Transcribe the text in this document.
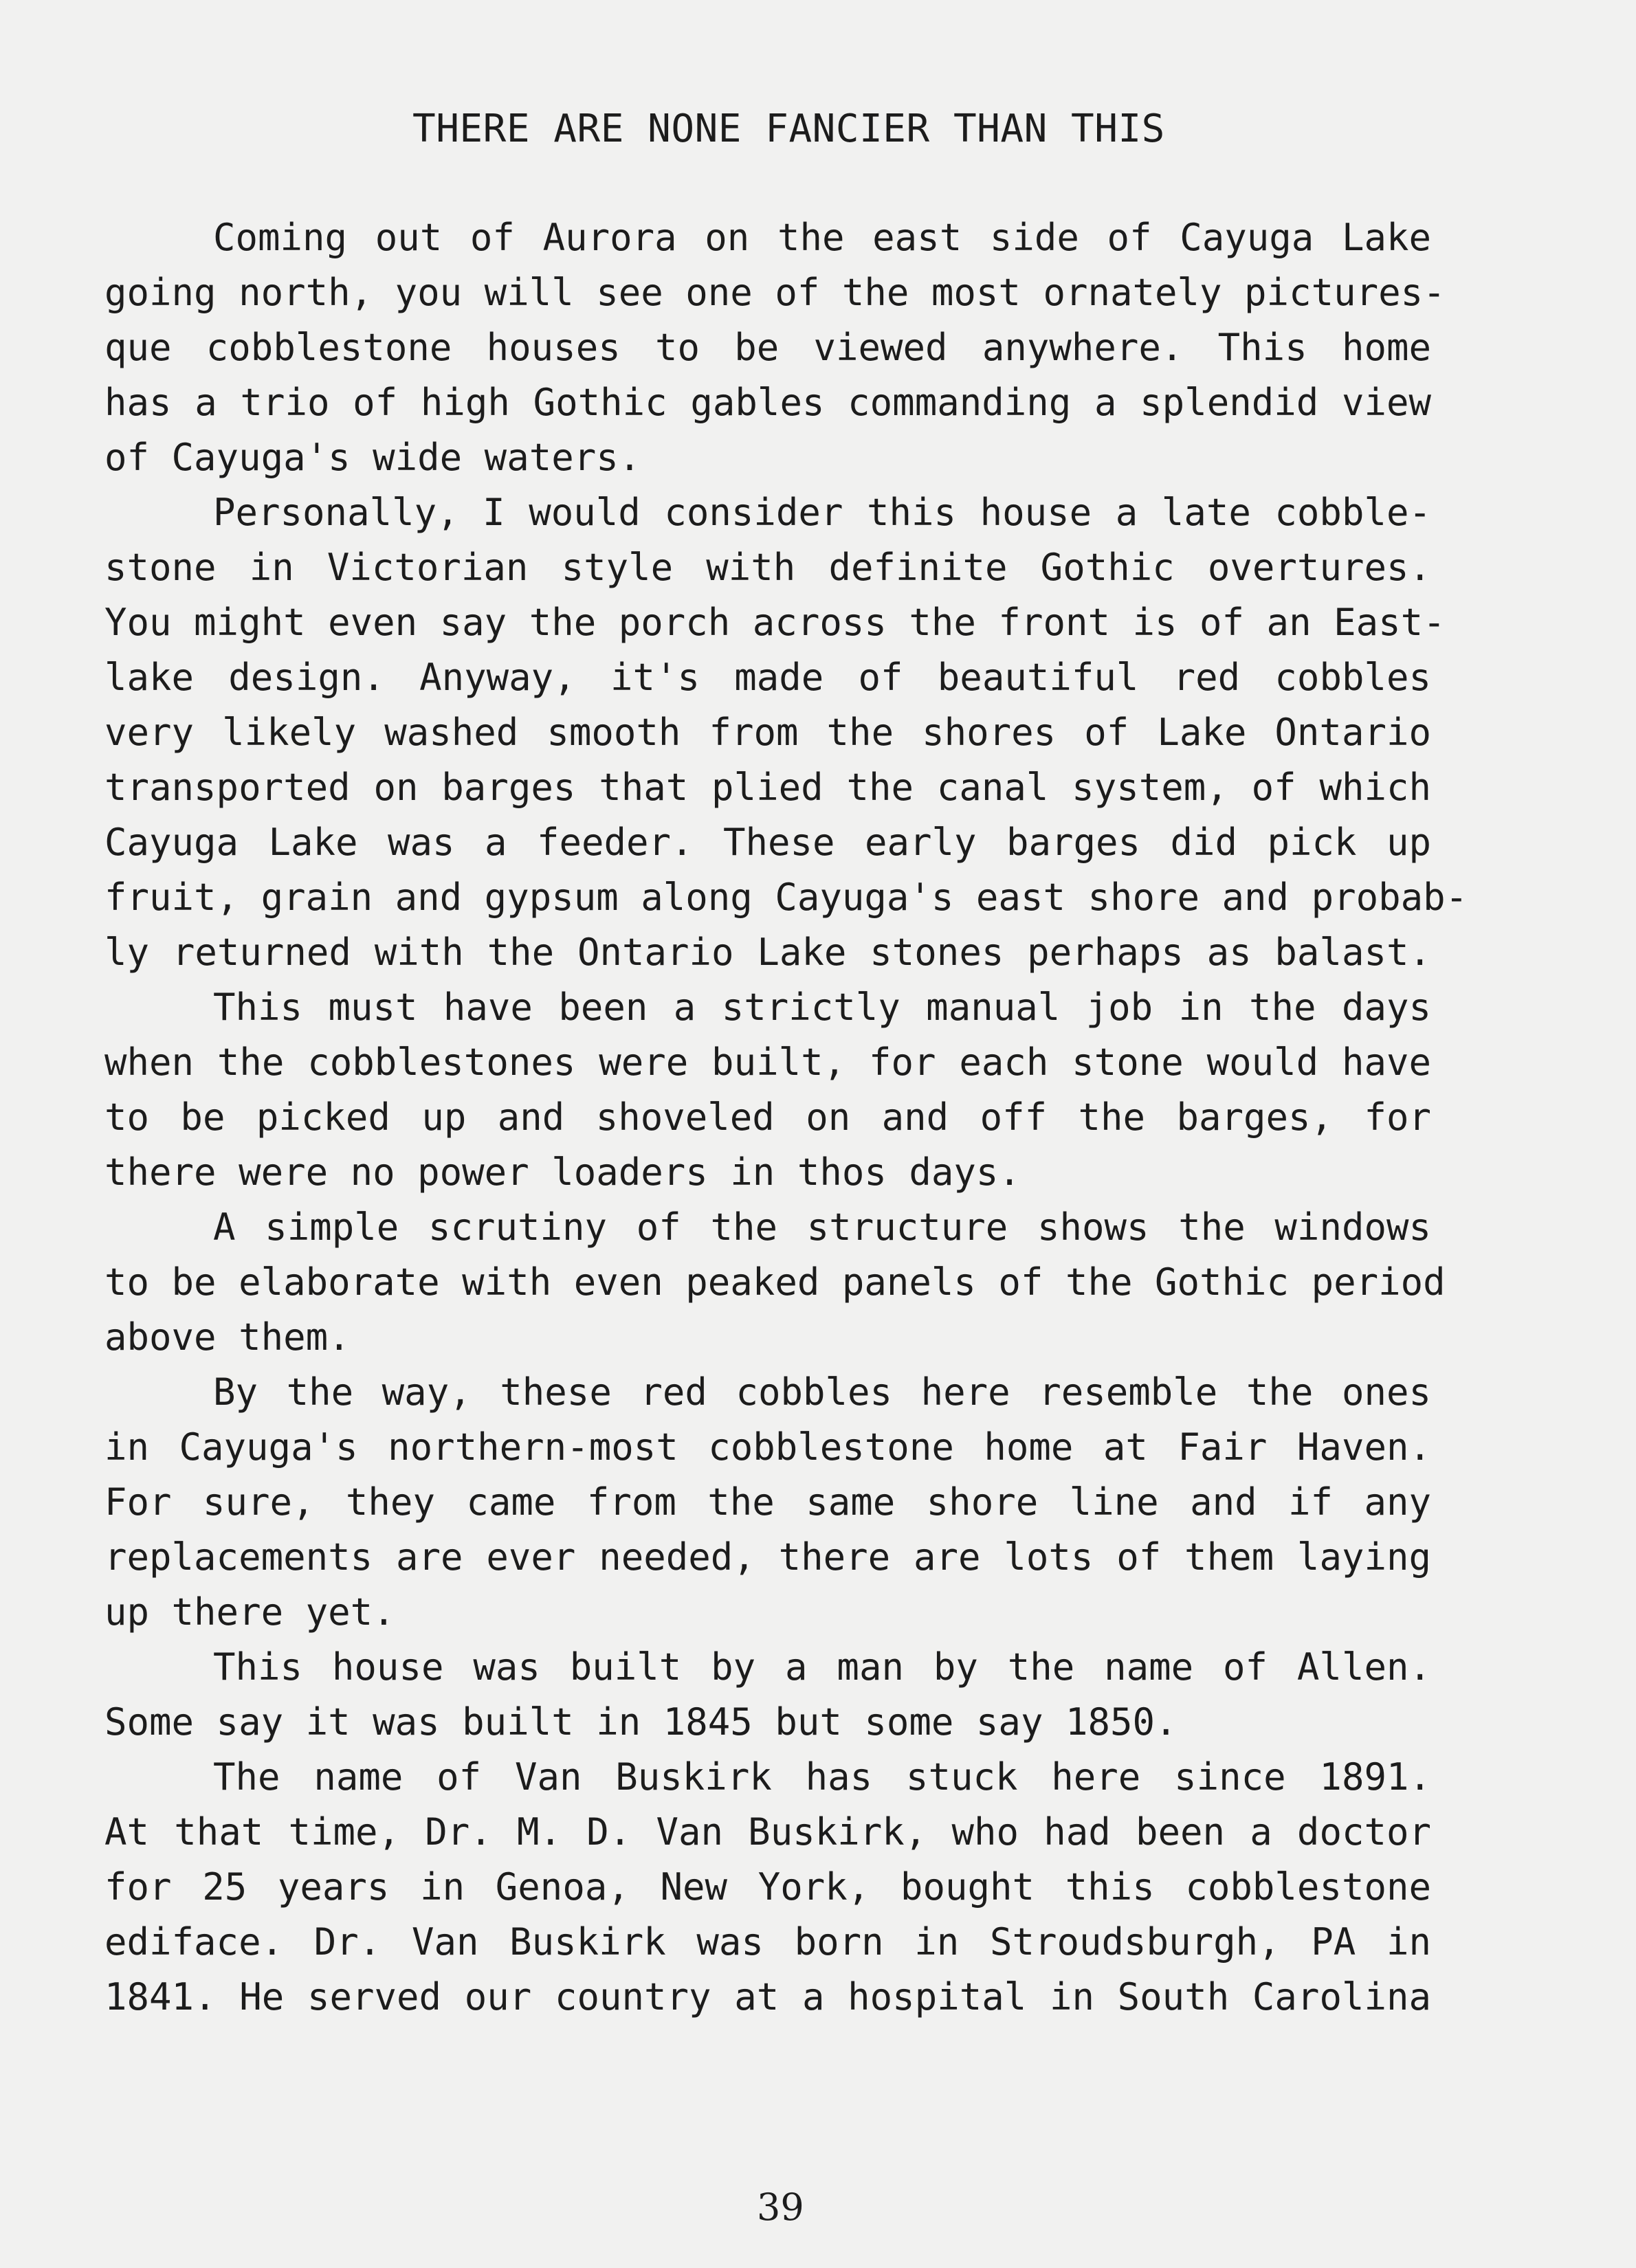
THERE ARE NONE FANCIER THAN THIS
Coming out of Aurora on the east side of Cayuga Lake
going north, you will see one of the most ornately pictures-
que cobblestone houses to be viewed anywhere. This home
has a trio of high Gothic gables commanding a splendid view
of Cayuga's wide waters.
Personally, I would consider this house a late cobble-
stone in Victorian style with definite Gothic overtures.
You might even say the porch across the front is of an East-
lake design. Anyway, it's made of beautiful red cobbles
very likely washed smooth from the shores of Lake Ontario
transported on barges that plied the canal system, of which
Cayuga Lake was a feeder. These early barges did pick up
fruit, grain and gypsum along Cayuga's east shore and probab-
ly returned with the Ontario Lake stones perhaps as balast.
This must have been a strictly manual job in the days
when the cobblestones were built, for each stone would have
to be picked up and shoveled on and off the barges, for
there were no power loaders in thos days.
A simple scrutiny of the structure shows the windows
to be elaborate with even peaked panels of the Gothic period
above them.
By the way, these red cobbles here resemble the ones
in Cayuga's northern-most cobblestone home at Fair Haven.
For sure, they came from the same shore line and if any
replacements are ever needed, there are lots of them laying
up there yet.
This house was built by a man by the name of Allen.
Some say it was built in 1845 but some say 1850.
The name of Van Buskirk has stuck here since 1891.
At that time, Dr. M. D. Van Buskirk, who had been a doctor
for 25 years in Genoa, New York, bought this cobblestone
ediface. Dr. Van Buskirk was born in Stroudsburgh, PA in
1841. He served our country at a hospital in South Carolina
39
